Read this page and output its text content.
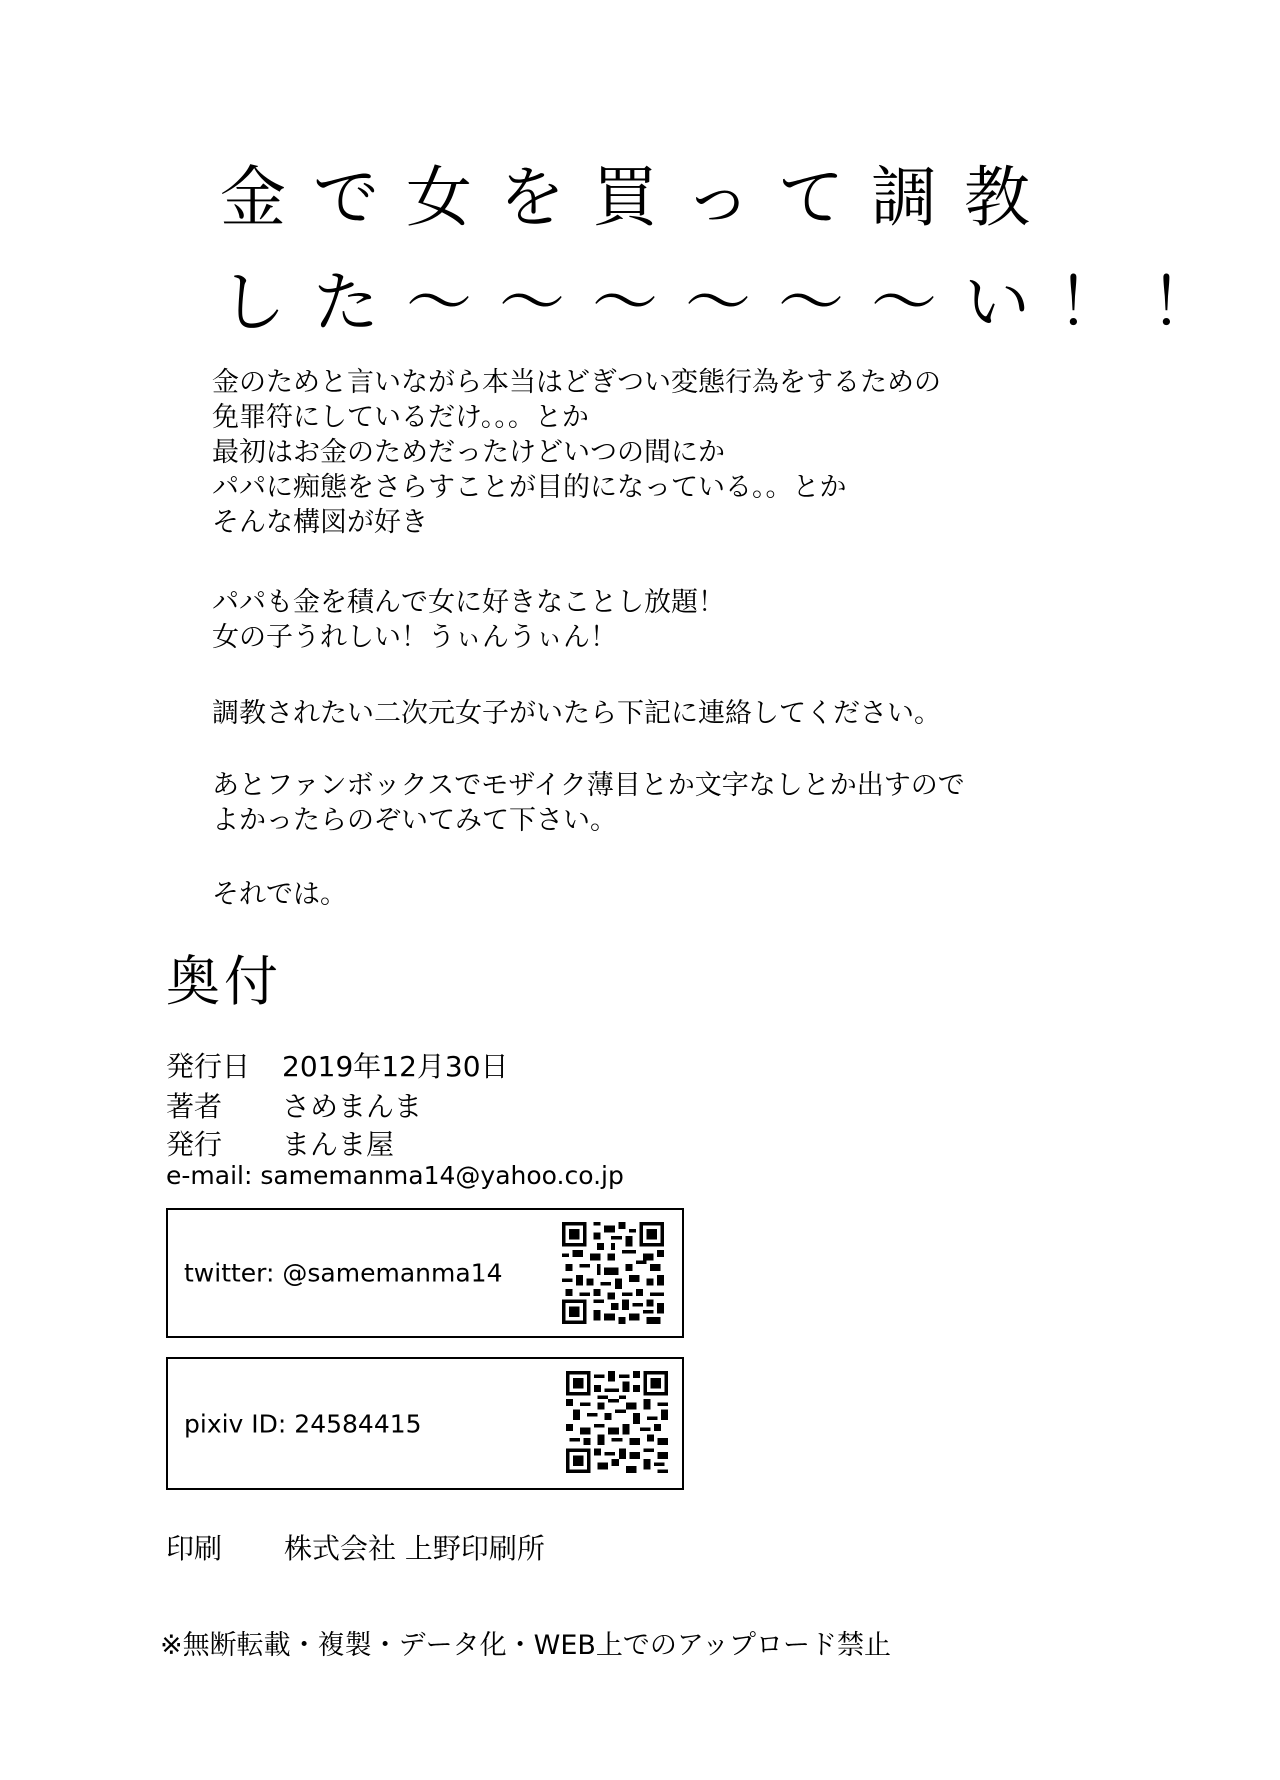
金で女を買って調教
した〜〜〜〜〜〜い！！
金のためと言いながら本当はどぎつい変態行為をするための
免罪符にしているだけ。。。とか
最初はお金のためだったけどいつの間にか
パパに痴態をさらすことが目的になっている。。とか
そんな構図が好き
パパも金を積んで女に好きなことし放題！
女の子うれしい！うぃんうぃん！
調教されたい二次元女子がいたら下記に連絡してください。
あとファンボックスでモザイク薄目とか文字なしとか出すので
よかったらのぞいてみて下さい。
それでは。
奥付
発行日 2019年12月30日
著者 さめまんま
発行 まんま屋
e-mail: samemanma14@yahoo.co.jp
twitter: @samemanma14
pixiv ID: 24584415
印刷 株式会社 上野印刷所
※無断転載・複製・データ化・WEB上でのアップロード禁止
